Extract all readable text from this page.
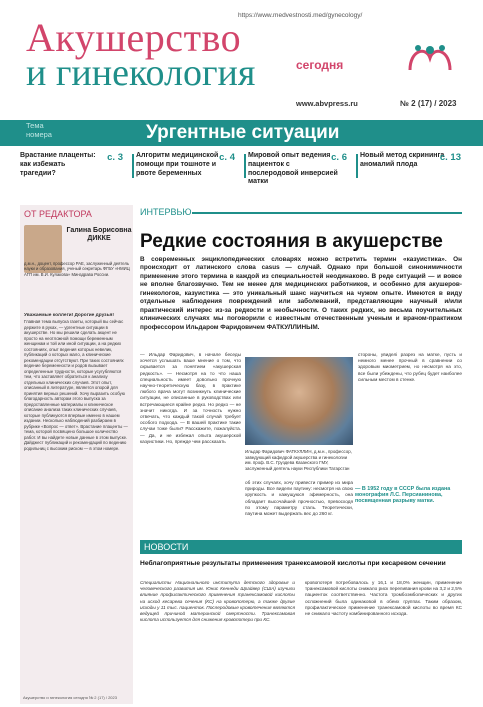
https://www.medvestnosti.med/gynecology/
Акушерство
и гинекология	сегодня
www.abvpress.ru	№ 2 (17) / 2023
Тема номера	Ургентные ситуации
Врастание плаценты: как избежать трагедии?
с. 3 Алгоритм медицинской помощи при тошноте и рвоте беременных
с. 4 Мировой опыт ведения пациенток с послеродовой инверсией матки
с. 6 Новый метод скрининга аномалий плода
с. 13
ОТ РЕДАКТОРА
Галина Борисовна ДИККЕ
д.м.н., доцент, профессор РАЕ, заслуженный деятель науки и образования, ученый секретарь ФГБУ «НМИЦ АГП им. В.И. Кулакова» Минздрава России.
Уважаемые коллеги! Дорогие друзья!
Главная тема выпуска газеты, который вы сейчас держите в руках, — ургентные ситуации в акушерстве. Но мы решили сделать акцент не просто на неотложной помощи беременным женщинам и той или иной ситуации, а на редких состояниях, опыт ведения которых невелик, публикаций о которых мало, а клинические рекомендации отсутствуют. При таких состояниях ведение беременности и родов вызывает определенные трудности, которые усугубляются тем, что заставляет обратиться к анализу отдельных клинических случаев. Этот опыт, описанный в литературе, является опорой для принятия верных решений. Хочу выразить особую благодарность авторам этого выпуска за предоставленные материалы и клиническое описание анализа таких клинических случаев, которые публикуются впервые именно в нашем издании. Несколько наблюдений разбираем в рубрике «Вопрос — ответ». Врастание плаценты — тема, которой посвящено большое количество работ. И вы найдете новые данные в этом выпуске. Дайджест публикаций и рекомендаций по ведению родильниц с высоким риском — в этом номере.
Акушерство и гинекология сегодня № 2 (17) / 2023
ИНТЕРВЬЮ
Редкие состояния в акушерстве
В современных энциклопедических словарях можно встретить термин «казуистика». Он происходит от латинского слова casus — случай. Однако при большой синонимичности применение этого термина в каждой из специальностей неодинаково. В реде ситуаций — и вовсе не вполне благозвучно. Тем не менее для медицинских работников, и особенно для акушеров-гинекологов, казуистика — это уникальный шанс научиться на чужом опыте. Имеются в виду отдельные наблюдения повреждений или заболеваний, представляющие научный и/или практический интерес из-за редкости и необычности. О таких редких, но весьма поучительных клинических случаях мы поговорили с известным отечественным ученым и врачом-практиком профессором Ильдаром Фаридовичем ФАТКУЛЛИНЫМ.
— Ильдар Фаридович, в начале беседы хочется услышать ваше мнение о том, что скрывается за понятием «акушерская редкость». — Несмотря на то что наша специальность имеет довольно прочную научно-теоретическую базу, в практике любого врача могут возникнуть клинические ситуации, не описанные в руководствах или встречающиеся крайне редко. Но редко — не значит никогда. И за точность нужно отвечать, что каждый такой случай требует особого подхода. — В вашей практике такие случаи тоже были? Расскажите, пожалуйста. — Да, и не избежал опыта акушерской казуистики. Но, прежде чем рассказать
Ильдар Фаридович ФАТКУЛЛИН, д.м.н., профессор, заведующий кафедрой акушерства и гинекологии им. проф. В.С. Груздева Казанского ГМУ, заслуженный деятель науки Республики Татарстан
об этих случаях, хочу привести пример из мира природы. Все видели паутину: несмотря на свою хрупкость и кажущуюся эфемерность, она обладает высочайшей прочностью, превосходя по этому параметру сталь. Теоретически, паутина может выдержать вес до 260 кг.
стороны, увиделi разрез на матке, пусть и немного менее прочный в сравнении со здоровым миометрием, но несмотря на это, все были убеждены, что рубец будет наиболее сильным местом в стенке.
— В 1952 году в СССР была издана монография Л.С. Персианинова, посвященная разрыву матки.
НОВОСТИ
Неблагоприятные результаты применения транексамовой кислоты при кесаревом сечении
Специалисты Национального института детского здоровья и человеческого развития им. Юнис Кеннеди Шрайвер (США) изучили влияние профилактического применения транексамовой кислоты на исход кесарева сечения (КС) на кровопотерю, а также другие исходы у 11 тыс. пациенток. Послеродовые кровотечения являются ведущей причиной материнской смертности. Транексамовая кислота используется для снижения кровопотери при КС.
кровопотеря потребовалось у 16,1 и 18,0% женщин, применение транексамовой кислоты снижало риск переливания крови на 3,2 и 2,5% пациенток соответственно. Частота тромбоэмболических и других осложнений была одинаковой в обеих группах. Таким образом, профилактическое применение транексамовой кислоты во время КС не снижало частоту комбинированного исхода.
